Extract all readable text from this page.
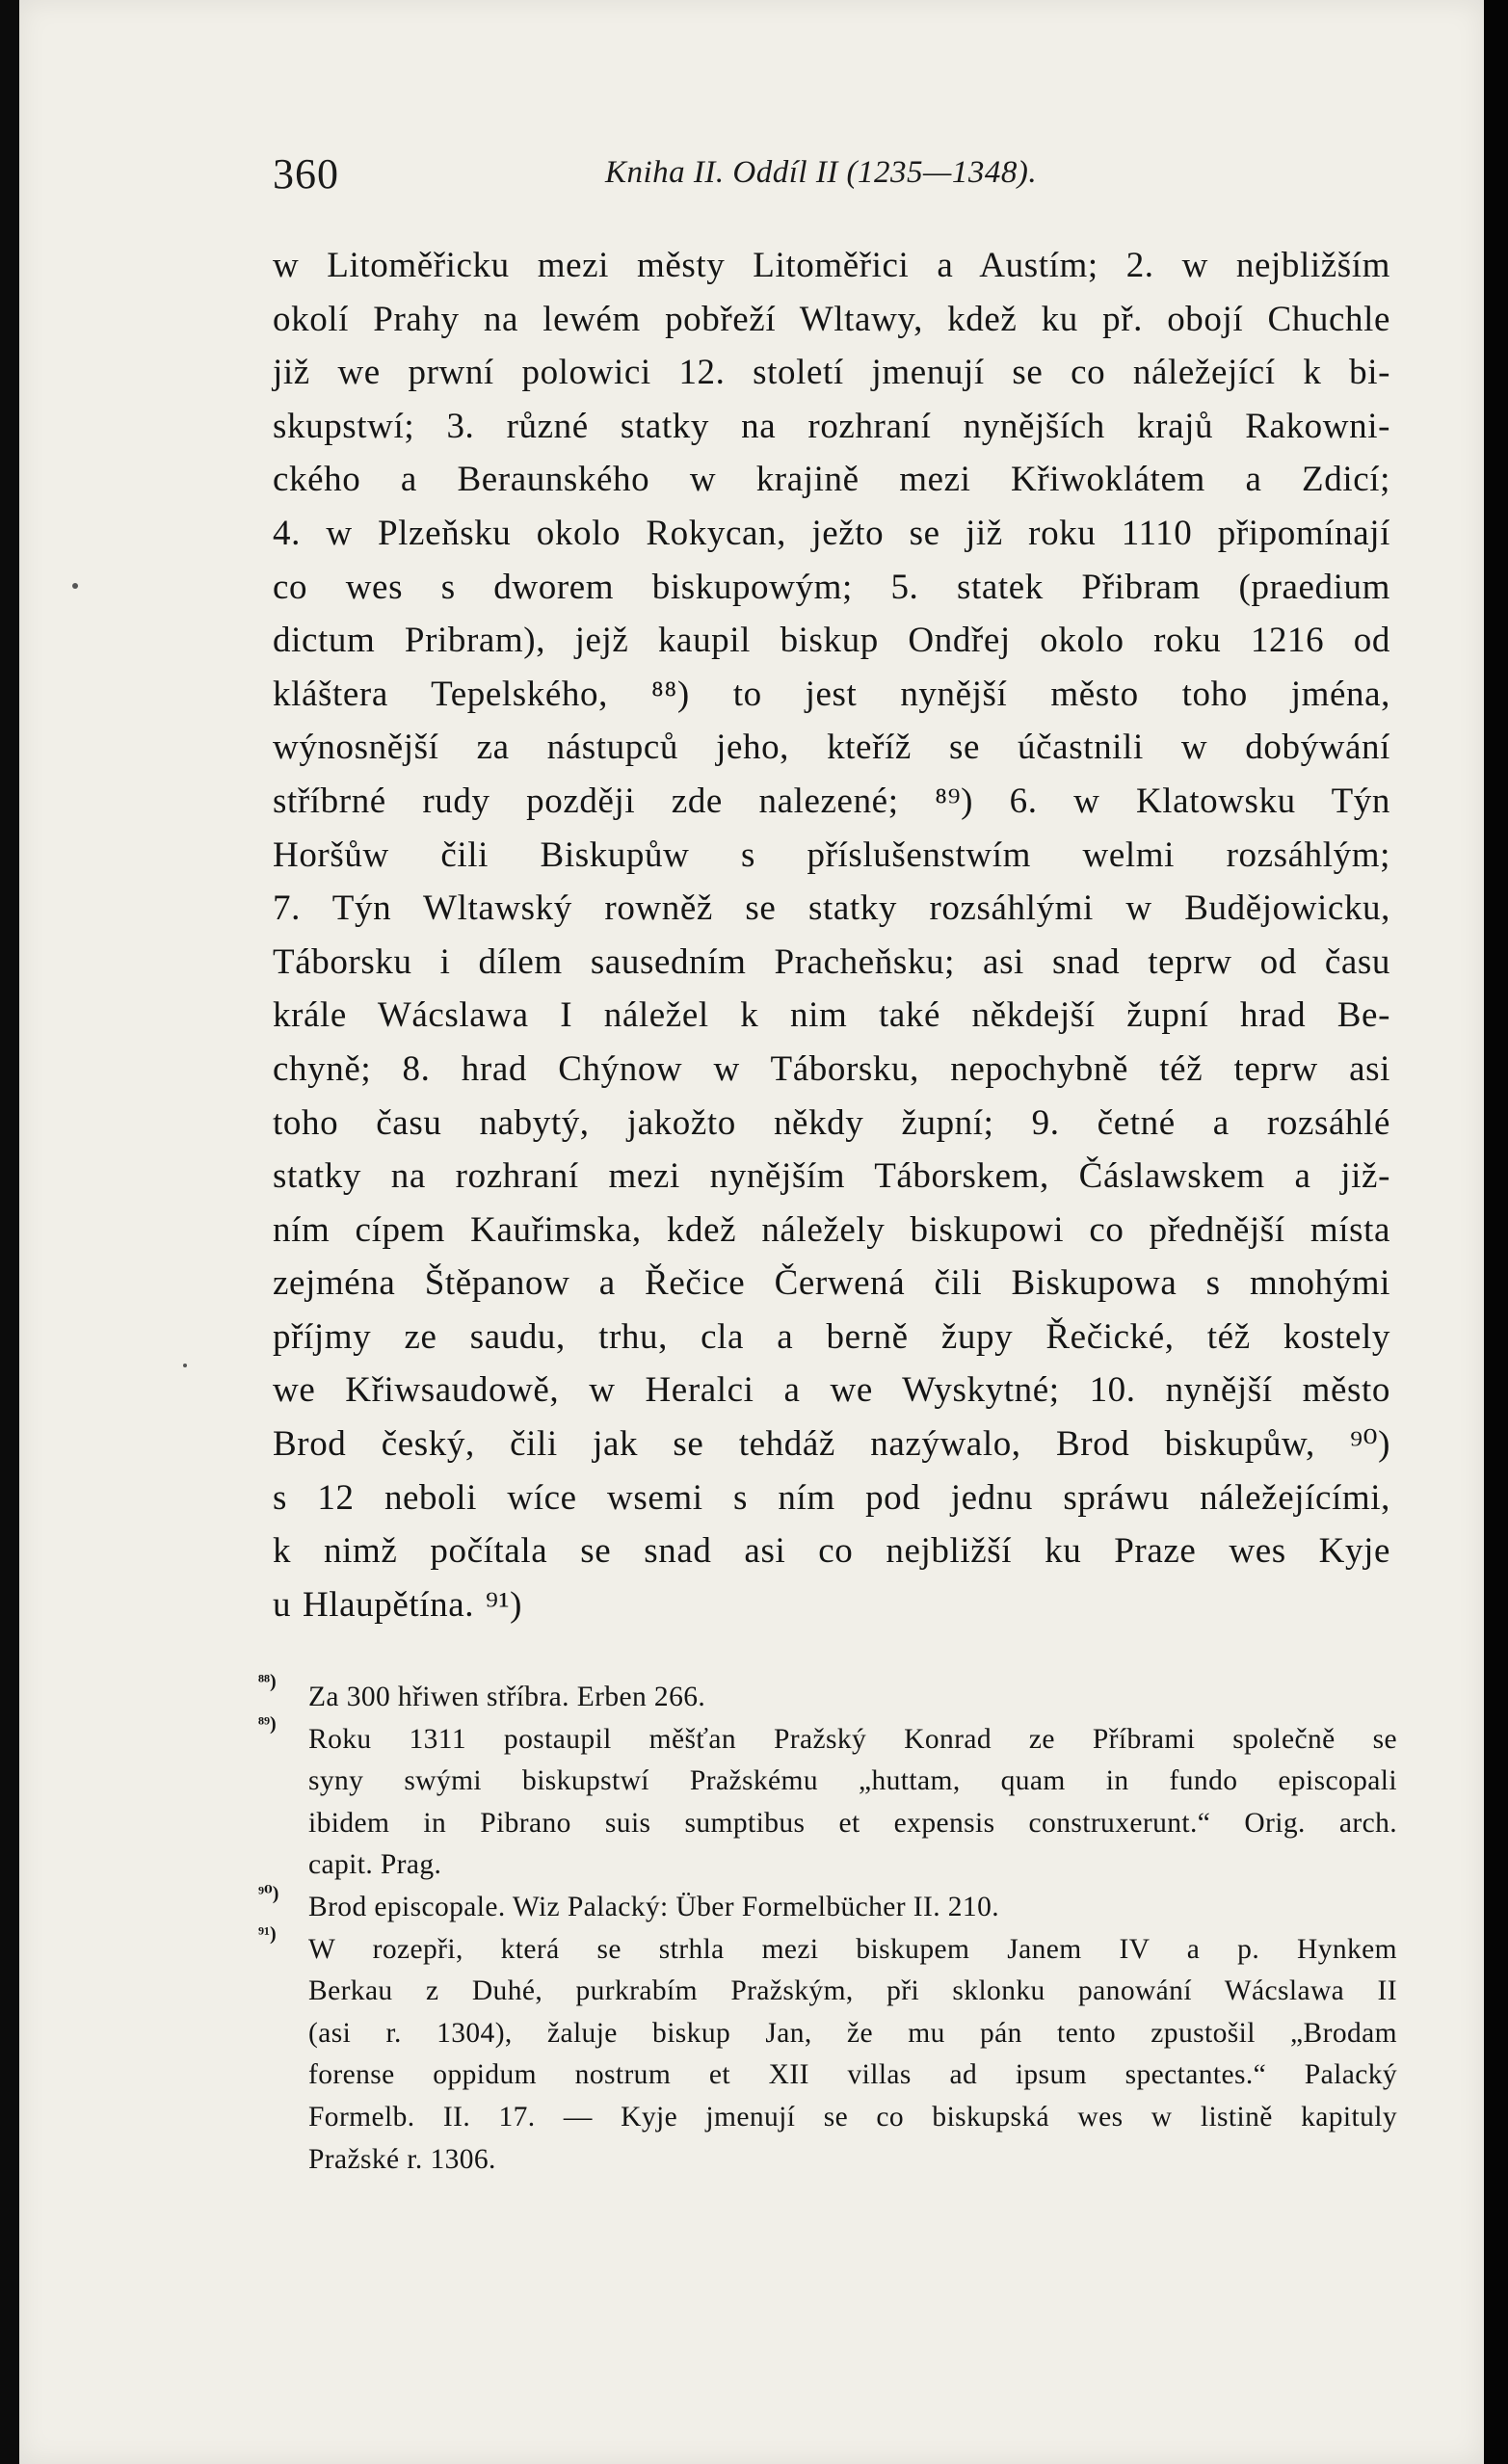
360	Kniha II. Oddíl II (1235—1348).
w Litoměřicku mezi městy Litoměřici a Austím; 2. w nejbližším
okolí Prahy na lewém pobřeží Wltawy, kdež ku př. obojí Chuchle
již we prwní polowici 12. století jmenují se co náležející k bi-
skupstwí; 3. různé statky na rozhraní nynějších krajů Rakowni-
ckého a Beraunského w krajině mezi Křiwoklátem a Zdicí;
4. w Plzeňsku okolo Rokycan, ježto se již roku 1110 připomínají
co wes s dworem biskupowým; 5. statek Přibram (praedium
dictum Pribram), jejž kaupil biskup Ondřej okolo roku 1216 od
kláštera Tepelského, ⁸⁸) to jest nynější město toho jména,
wýnosnější za nástupců jeho, kteříž se účastnili w dobýwání
stříbrné rudy později zde nalezené; ⁸⁹) 6. w Klatowsku Týn
Horšůw čili Biskupůw s příslušenstwím welmi rozsáhlým;
7. Týn Wltawský rowněž se statky rozsáhlými w Budějowicku,
Táborsku i dílem sausedním Pracheňsku; asi snad teprw od času
krále Wácslawa I náležel k nim také někdejší župní hrad Be-
chyně; 8. hrad Chýnow w Táborsku, nepochybně též teprw asi
toho času nabytý, jakožto někdy župní; 9. četné a rozsáhlé
statky na rozhraní mezi nynějším Táborskem, Čáslawskem a již-
ním cípem Kauřimska, kdež náležely biskupowi co přednější místa
zejména Štěpanow a Řečice Čerwená čili Biskupowa s mnohými
příjmy ze saudu, trhu, cla a berně župy Řečické, též kostely
we Křiwsaudowě, w Heralci a we Wyskytné; 10. nynější město
Brod český, čili jak se tehdáž nazýwalo, Brod biskupůw, ⁹⁰)
s 12 neboli wíce wsemi s ním pod jednu spráwu náležejícími,
k nimž počítala se snad asi co nejbližší ku Praze wes Kyje
u Hlaupětína. ⁹¹)
⁸⁸) Za 300 hřiwen stříbra. Erben 266.
⁸⁹) Roku 1311 postaupil měšťan Pražský Konrad ze Příbrami společně se
syny swými biskupstwí Pražskému „huttam, quam in fundo episcopali
ibidem in Pibrano suis sumptibus et expensis construxerunt.“ Orig. arch.
capit. Prag.
⁹⁰) Brod episcopale. Wiz Palacký: Über Formelbücher II. 210.
⁹¹) W rozepři, která se strhla mezi biskupem Janem IV a p. Hynkem
Berkau z Duhé, purkrabím Pražským, při sklonku panowání Wácslawa II
(asi r. 1304), žaluje biskup Jan, že mu pán tento zpustošil „Brodam
forense oppidum nostrum et XII villas ad ipsum spectantes.“ Palacký
Formelb. II. 17. — Kyje jmenují se co biskupská wes w listině kapituly
Pražské r. 1306.
